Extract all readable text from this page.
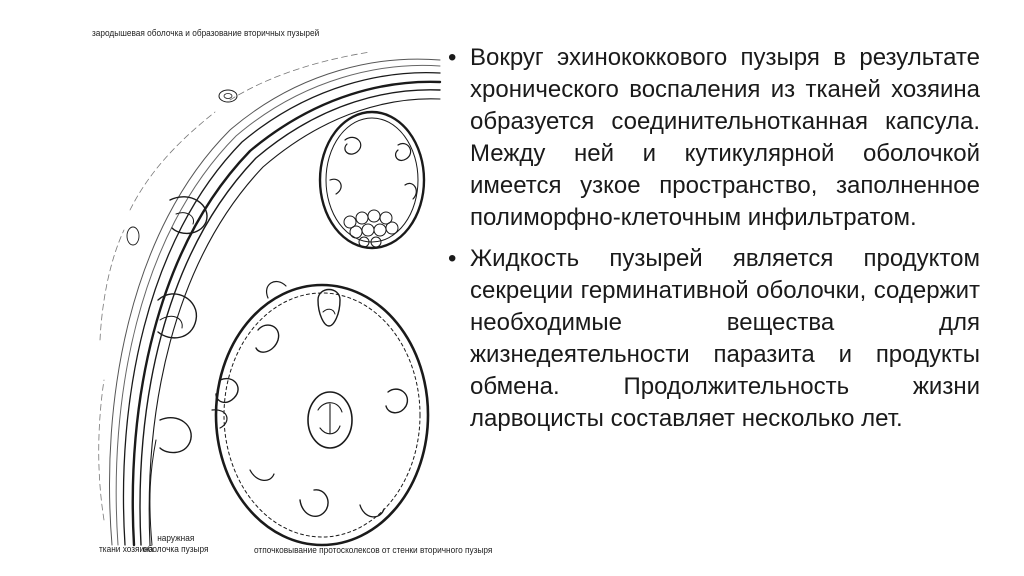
зародышевая оболочка и образование вторичных пузырей
ткани хозяина
наружная
оболочка пузыря	отпочковывание протосколексов от стенки вторичного пузыря
• Вокруг эхинококкового пузыря в результате хронического воспаления из тканей хозяина образуется соединительнотканная капсула. Между ней и кутикулярной оболочкой имеется узкое пространство, заполненное полиморфно-клеточным инфильтратом.
• Жидкость пузырей является продуктом секреции герминативной оболочки, содержит необходимые вещества для жизнедеятельности паразита и продукты обмена. Продолжительность жизни ларвоцисты составляет несколько лет.
